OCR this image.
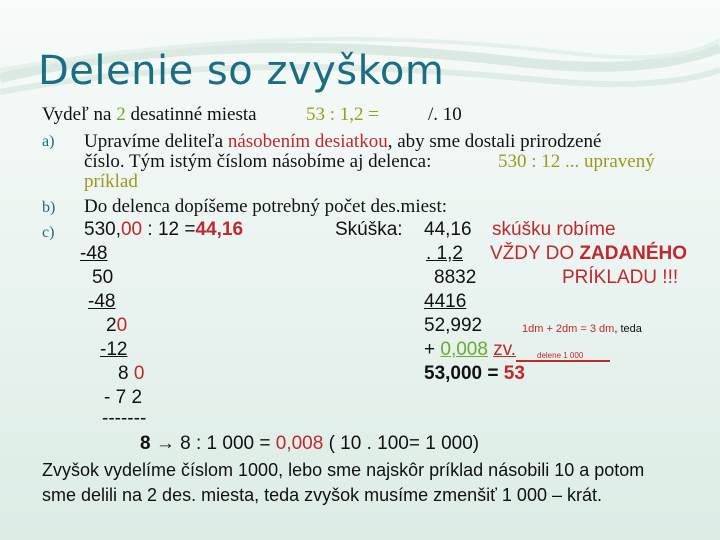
Delenie so zvyškom
Vydeľ na 2 desatinné miesta	53 : 1,2 =	/. 10
a) Upravíme deliteľa násobením desiatkou, aby sme dostali prirodzené
číslo. Tým istým číslom násobíme aj delenca:	530 : 12 ... upravený
príklad
b) Do delenca dopíšeme potrebný počet des.miest:
c) 530,00 : 12 =44,16
-48
50
-48
20
-12
8 0
- 7 2
-------
Skúška: 44,16 skúšku robíme
. 1,2 VŽDY DO ZADANÉHO
8832	PRÍKLADU !!!
4416
52,992	1dm + 2dm = 3 dm, teda
+ 0,008 zv.	delene 1 000
53,000 = 53
8 → 8 : 1 000 = 0,008 ( 10 . 100= 1 000)
Zvyšok vydelíme číslom 1000, lebo sme najskôr príklad násobili 10 a potom
sme delili na 2 des. miesta, teda zvyšok musíme zmenšiť 1 000 – krát.
